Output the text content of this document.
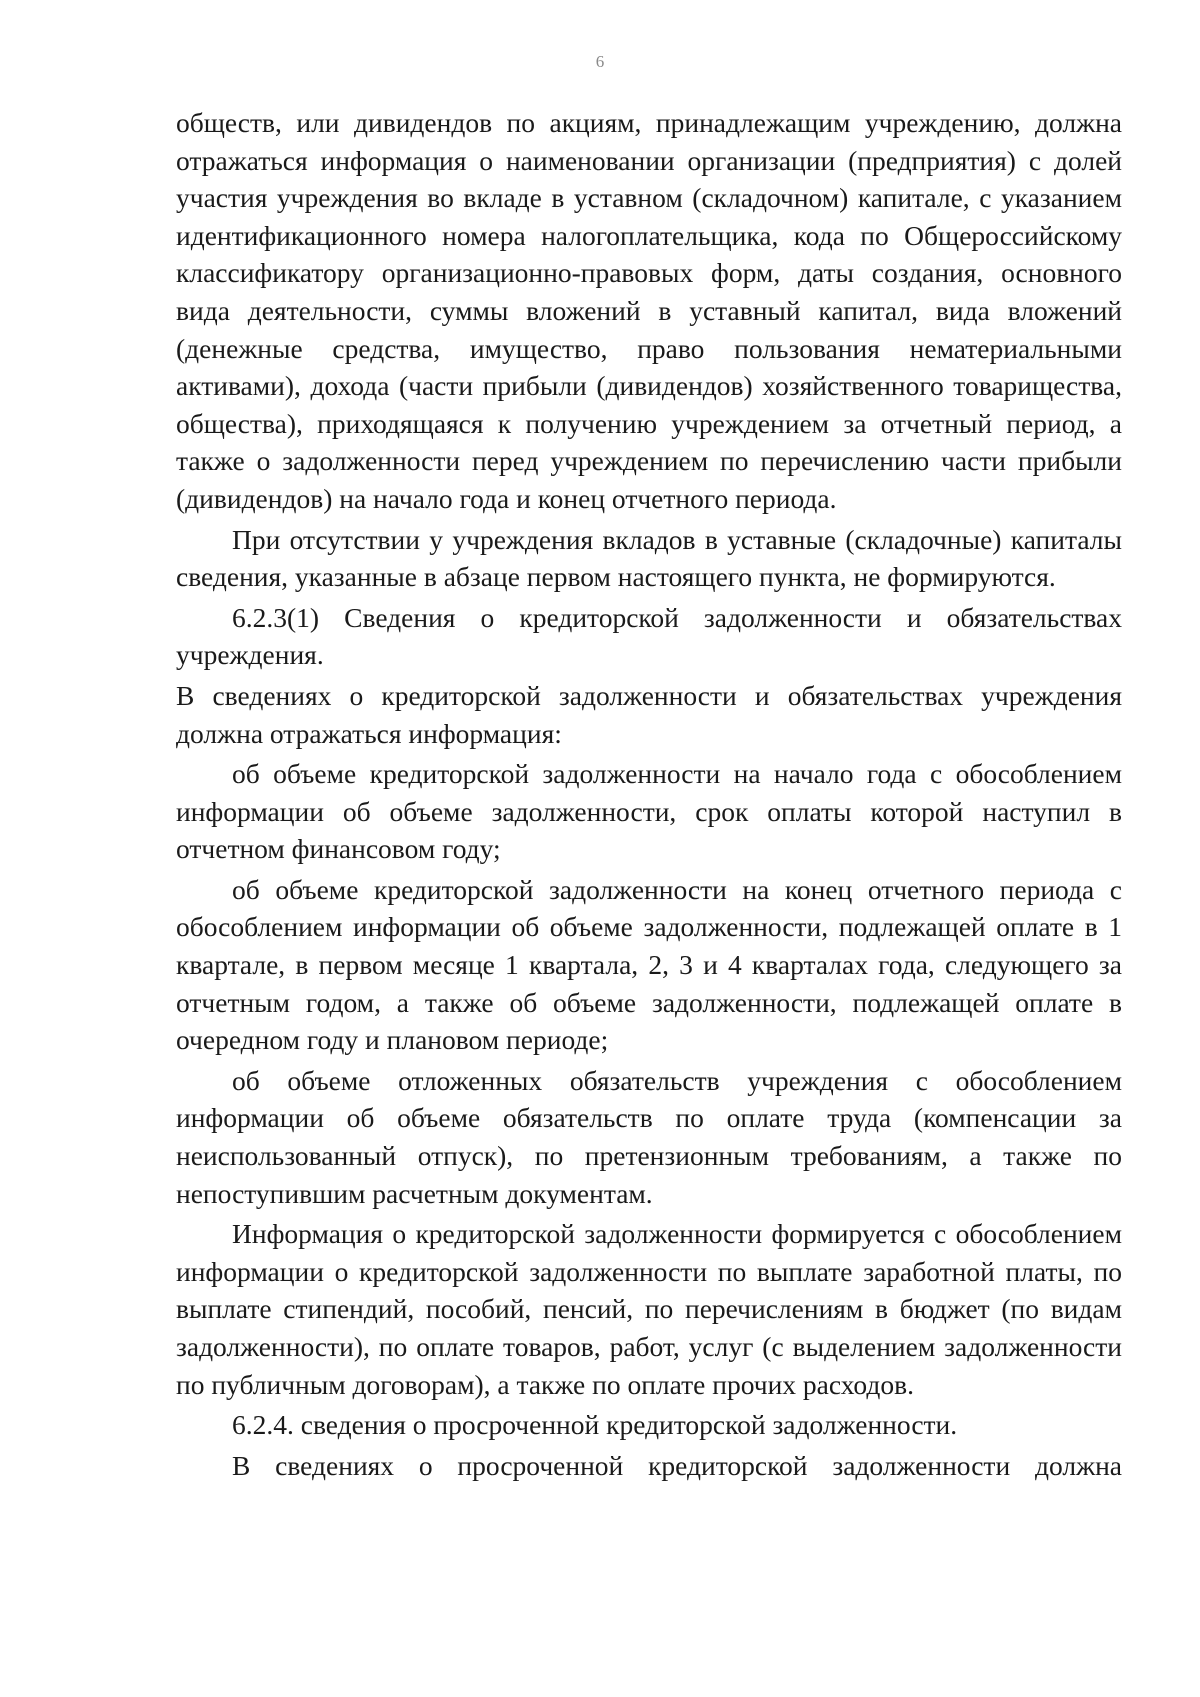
6

обществ, или дивидендов по акциям, принадлежащим учреждению, должна отражаться информация о наименовании организации (предприятия) с долей участия учреждения во вкладе в уставном (складочном) капитале, с указанием идентификационного номера налогоплательщика, кода по Общероссийскому классификатору организационно-правовых форм, даты создания, основного вида деятельности, суммы вложений в уставный капитал, вида вложений (денежные средства, имущество, право пользования нематериальными активами), дохода (части прибыли (дивидендов) хозяйственного товарищества, общества), приходящаяся к получению учреждением за отчетный период, а также о задолженности перед учреждением по перечислению части прибыли (дивидендов) на начало года и конец отчетного периода.

При отсутствии у учреждения вкладов в уставные (складочные) капиталы сведения, указанные в абзаце первом настоящего пункта, не формируются.

6.2.3(1) Сведения о кредиторской задолженности и обязательствах учреждения.

В сведениях о кредиторской задолженности и обязательствах учреждения должна отражаться информация:

об объеме кредиторской задолженности на начало года с обособлением информации об объеме задолженности, срок оплаты которой наступил в отчетном финансовом году;

об объеме кредиторской задолженности на конец отчетного периода с обособлением информации об объеме задолженности, подлежащей оплате в 1 квартале, в первом месяце 1 квартала, 2, 3 и 4 кварталах года, следующего за отчетным годом, а также об объеме задолженности, подлежащей оплате в очередном году и плановом периоде;

об объеме отложенных обязательств учреждения с обособлением информации об объеме обязательств по оплате труда (компенсации за неиспользованный отпуск), по претензионным требованиям, а также по непоступившим расчетным документам.

Информация о кредиторской задолженности формируется с обособлением информации о кредиторской задолженности по выплате заработной платы, по выплате стипендий, пособий, пенсий, по перечислениям в бюджет (по видам задолженности), по оплате товаров, работ, услуг (с выделением задолженности по публичным договорам), а также по оплате прочих расходов.

6.2.4. сведения о просроченной кредиторской задолженности.

В сведениях о просроченной кредиторской задолженности должна
